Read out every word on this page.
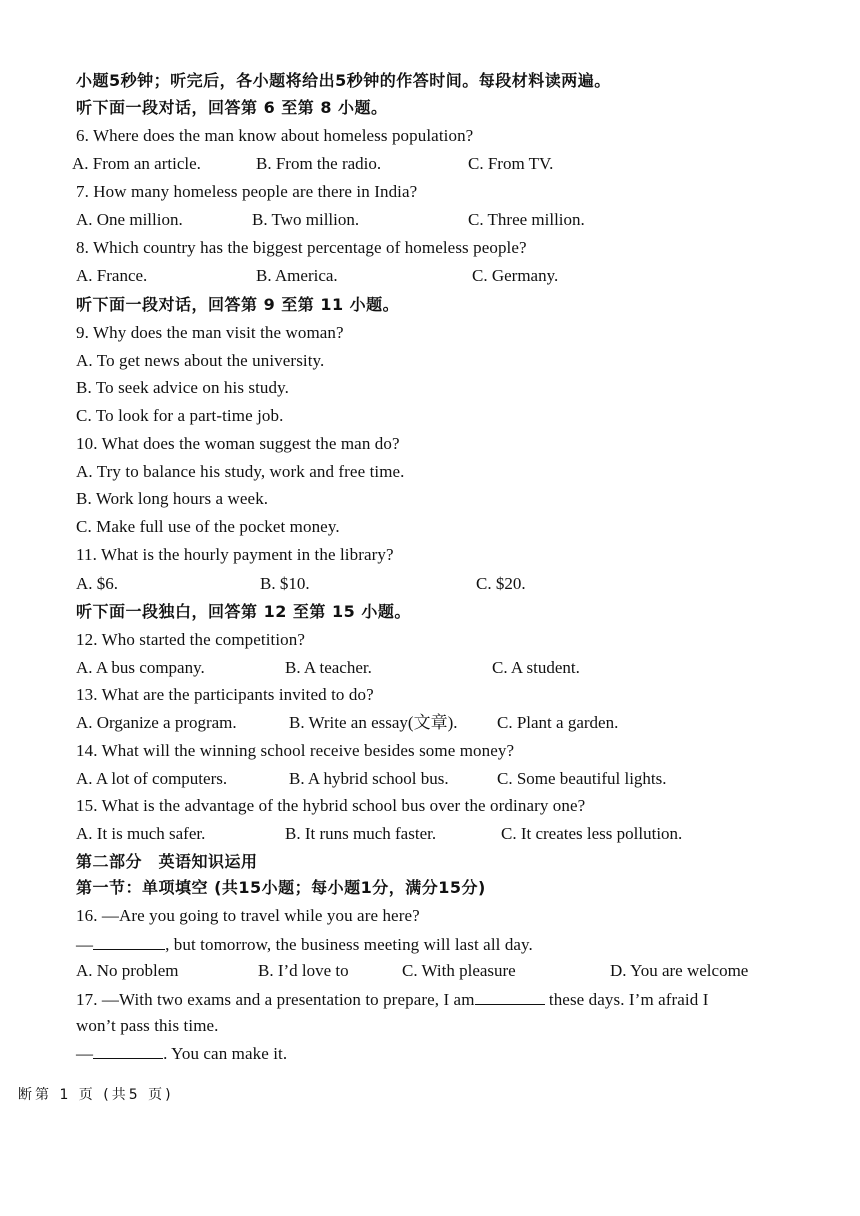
小题5秒钟；听完后，各小题将给出5秒钟的作答时间。每段材料读两遍。
听下面一段对话，回答第 6 至第 8 小题。
6. Where does the man know about homeless population?
A. From an article.	B. From the radio.	C. From TV.
7. How many homeless people are there in India?
A. One million.	B. Two million.	C. Three million.
8. Which country has the biggest percentage of homeless people?
A. France.	B. America.	C. Germany.
听下面一段对话，回答第 9 至第 11 小题。
9. Why does the man visit the woman?
A. To get news about the university.
B. To seek advice on his study.
C. To look for a part-time job.
10. What does the woman suggest the man do?
A. Try to balance his study, work and free time.
B. Work long hours a week.
C. Make full use of the pocket money.
11. What is the hourly payment in the library?
A. $6.	B. $10.	C. $20.
听下面一段独白，回答第 12 至第 15 小题。
12. Who started the competition?
A. A bus company.	B. A teacher.	C. A student.
13. What are the participants invited to do?
A. Organize a program.	B. Write an essay(文章). C. Plant a garden.
14. What will the winning school receive besides some money?
A. A lot of computers.	B. A hybrid school bus.	C. Some beautiful lights.
15. What is the advantage of the hybrid school bus over the ordinary one?
A. It is much safer.	B. It runs much faster.	C. It creates less pollution.
第二部分　英语知识运用
第一节：单项填空 (共15小题；每小题1分，满分15分)
16. —Are you going to travel while you are here?
—	, but tomorrow, the business meeting will last all day.
A. No problem	B. I’d love to	C. With pleasure	D. You are welcome
17. —With two exams and a presentation to prepare, I am	these days. I’m afraid I
won’t pass this time.
—	. You can make it.
断第 1 页 (共5 页)
